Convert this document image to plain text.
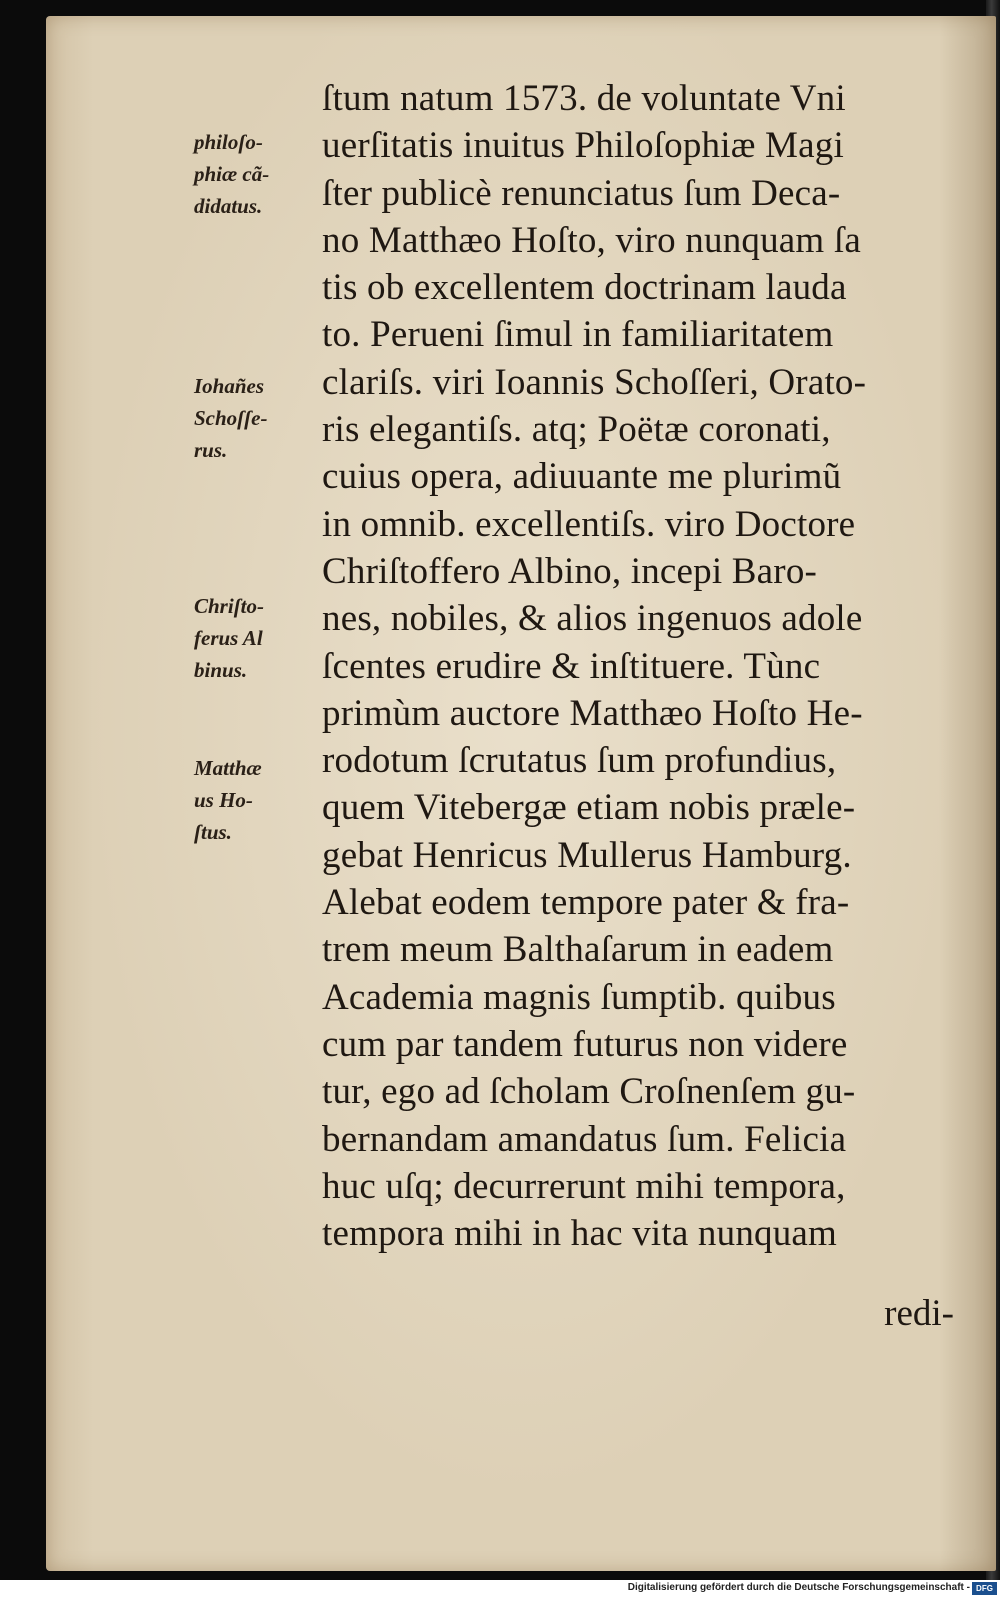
philoſo-
phiæ cã-
didatus.
Iohañes
Schoſſe-
rus.
Chriſto-
ferus Al
binus.
Matthæ
us Ho-
ſtus.
ſtum natum 1573. de voluntate Vni
uerſitatis inuitus Philoſophiæ Magi
ſter publicè renunciatus ſum Deca-
no Matthæo Hoſto, viro nunquam ſa
tis ob excellentem doctrinam lauda
to. Perueni ſimul in familiaritatem
clariſs. viri Ioannis Schoſſeri, Orato-
ris elegantiſs. atq; Poëtæ coronati,
cuius opera, adiuuante me plurimũ
in omnib. excellentiſs. viro Doctore
Chriſtoffero Albino, incepi Baro-
nes, nobiles, & alios ingenuos adole
ſcentes erudire & inſtituere. Tùnc
primùm auctore Matthæo Hoſto He-
rodotum ſcrutatus ſum profundius,
quem Vitebergæ etiam nobis præle-
gebat Henricus Mullerus Hamburg.
Alebat eodem tempore pater & fra-
trem meum Balthaſarum in eadem
Academia magnis ſumptib. quibus
cum par tandem futurus non videre
tur, ego ad ſcholam Croſnenſem gu-
bernandam amandatus ſum. Felicia
huc uſq; decurrerunt mihi tempora,
tempora mihi in hac vita nunquam
redi-
Digitalisierung gefördert durch die Deutsche Forschungsgemeinschaft - DFG
